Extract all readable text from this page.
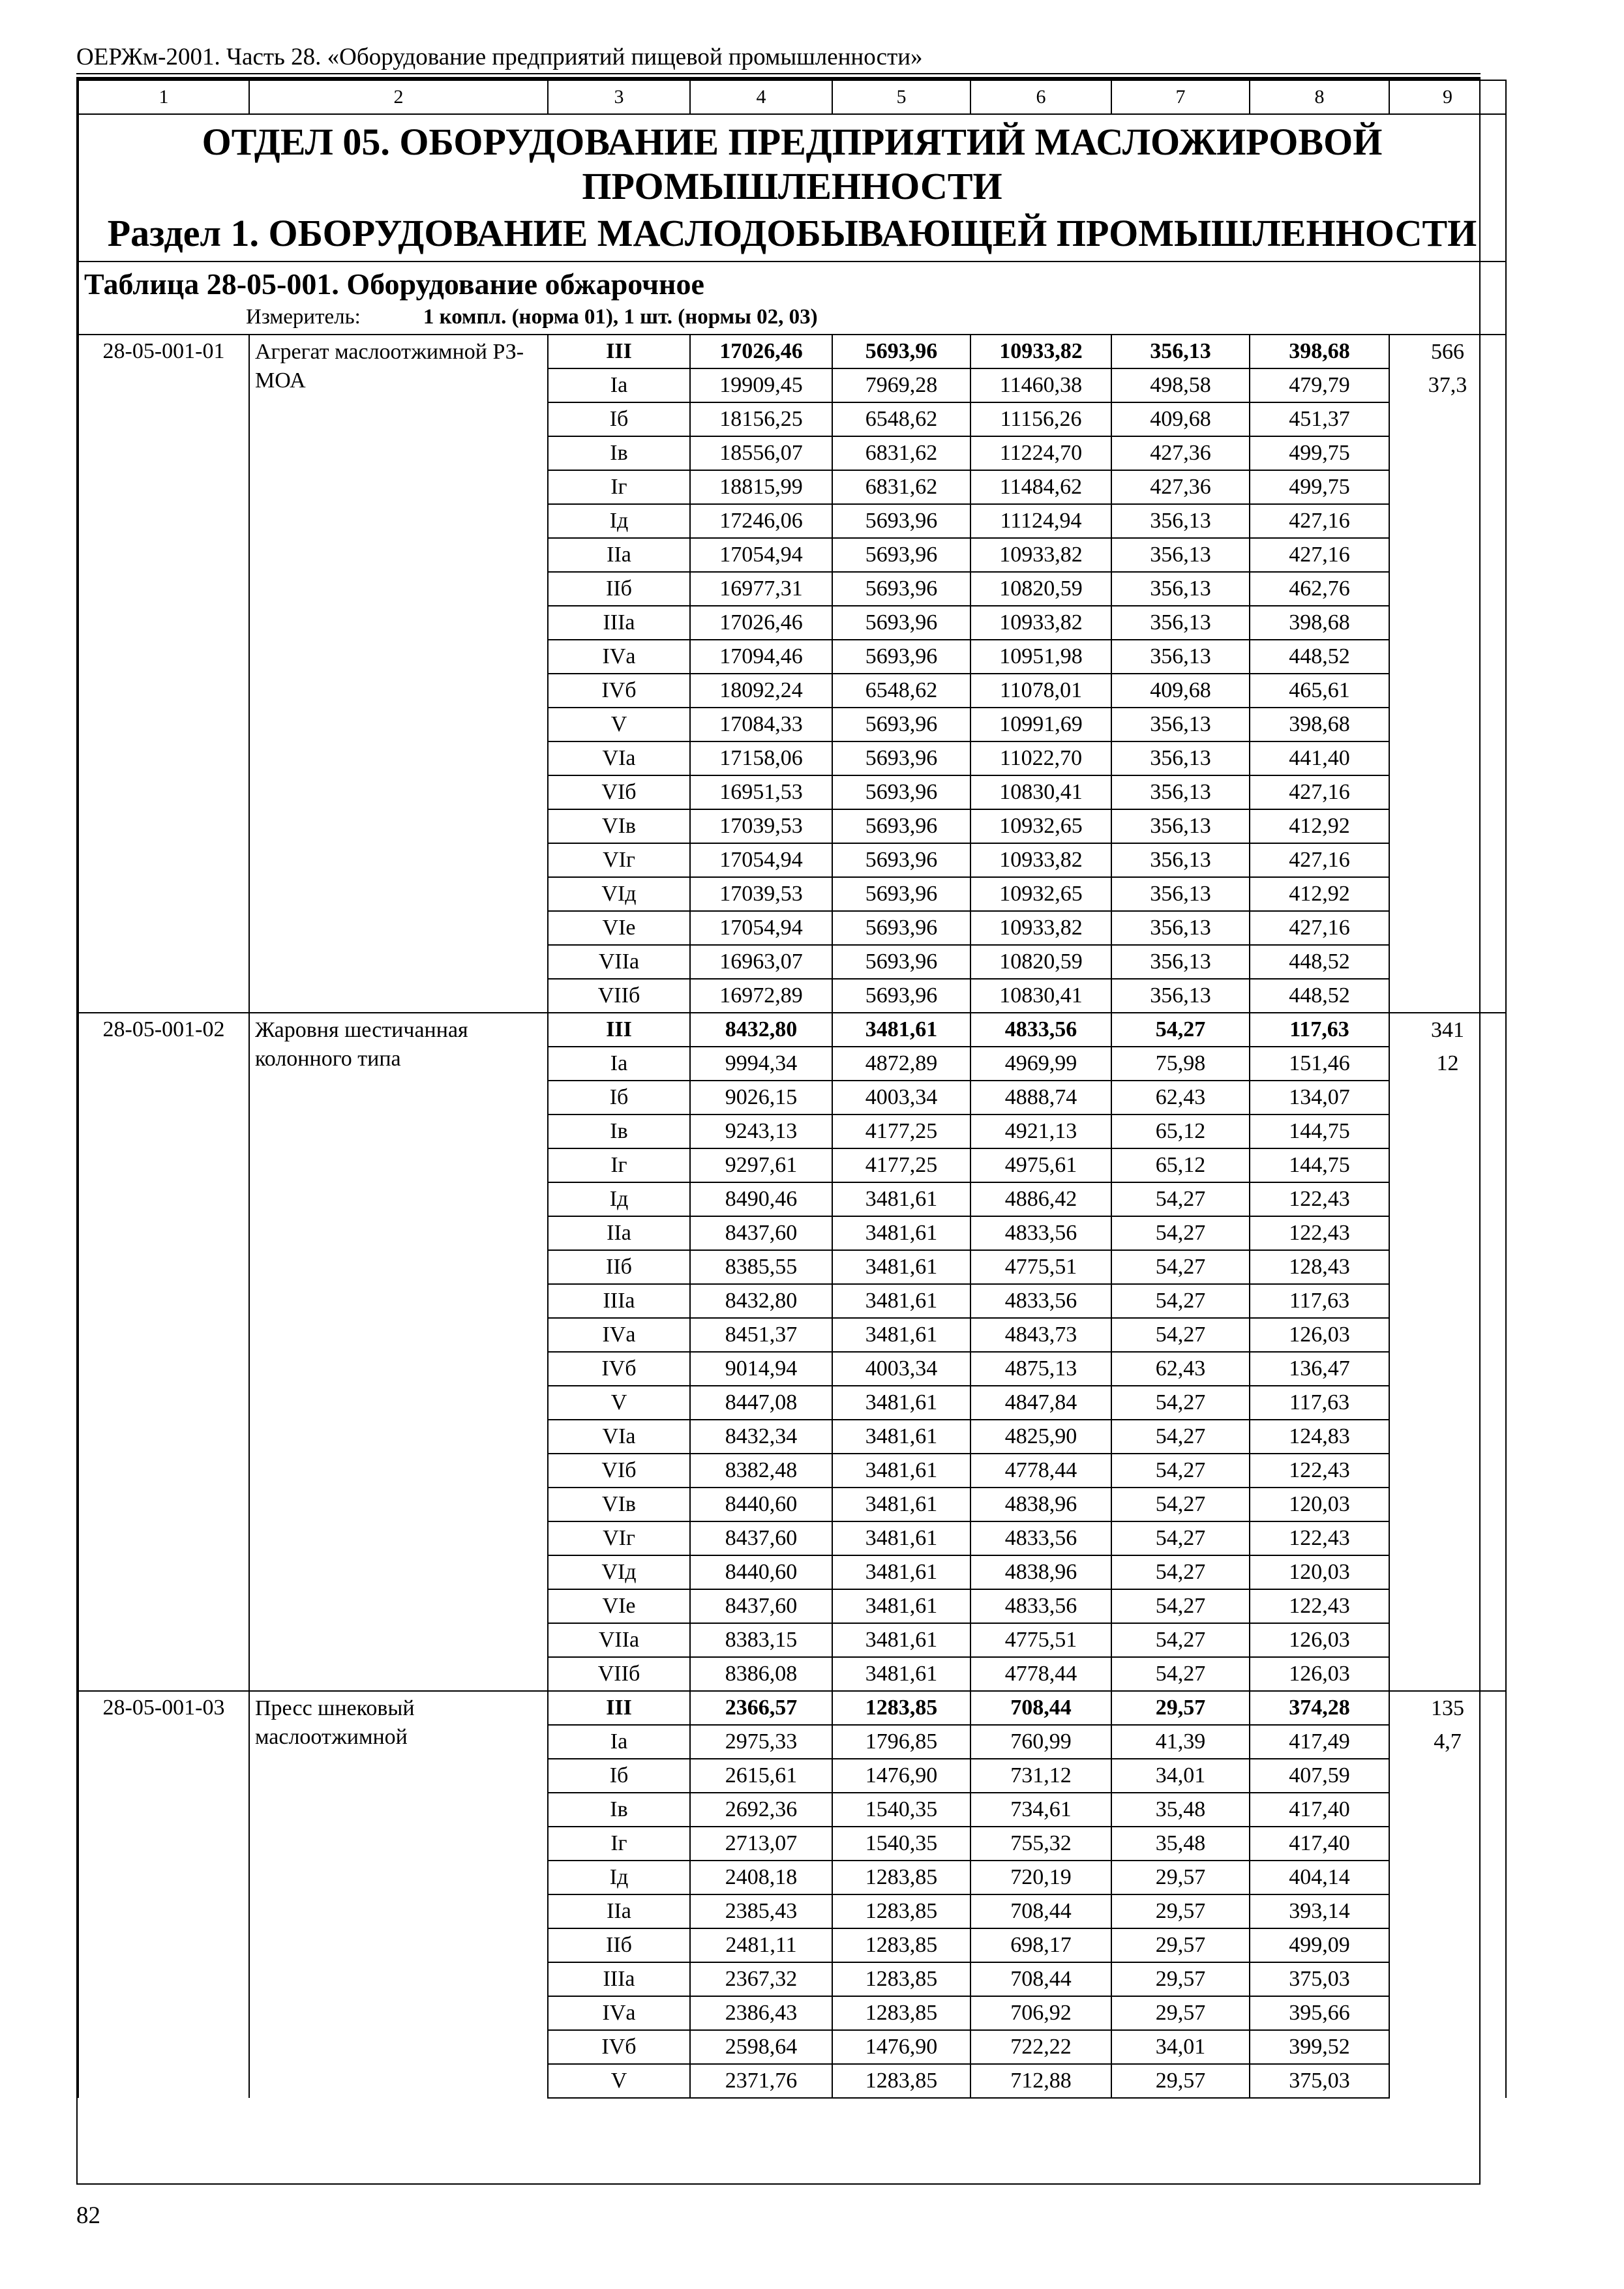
ОЕРЖм-2001. Часть 28. «Оборудование предприятий пищевой промышленности»
1	2	3	4	5	6	7	8	9

ОТДЕЛ 05. ОБОРУДОВАНИЕ ПРЕДПРИЯТИЙ МАСЛОЖИРОВОЙ ПРОМЫШЛЕННОСТИ
Раздел 1. ОБОРУДОВАНИЕ МАСЛОДОБЫВАЮЩЕЙ ПРОМЫШЛЕННОСТИ								

Таблица 28-05-001. Оборудование обжарочное								
Измеритель: 1 компл. (норма 01), 1 шт. (нормы 02, 03)								
28-05-001-01	Агрегат маслоотжимной РЗ-МОА	III	17026,46	5693,96	10933,82	356,13	398,68	566
		Iа	19909,45	7969,28	11460,38	498,58	479,79	37,3
		Iб	18156,25	6548,62	11156,26	409,68	451,37	
		Iв	18556,07	6831,62	11224,70	427,36	499,75	
		Iг	18815,99	6831,62	11484,62	427,36	499,75	
		Iд	17246,06	5693,96	11124,94	356,13	427,16	
		IIа	17054,94	5693,96	10933,82	356,13	427,16	
		IIб	16977,31	5693,96	10820,59	356,13	462,76	
		IIIа	17026,46	5693,96	10933,82	356,13	398,68	
		IVа	17094,46	5693,96	10951,98	356,13	448,52	
		IVб	18092,24	6548,62	11078,01	409,68	465,61	
		V	17084,33	5693,96	10991,69	356,13	398,68	
		VIа	17158,06	5693,96	11022,70	356,13	441,40	
		VIб	16951,53	5693,96	10830,41	356,13	427,16	
		VIв	17039,53	5693,96	10932,65	356,13	412,92	
		VIг	17054,94	5693,96	10933,82	356,13	427,16	
		VIд	17039,53	5693,96	10932,65	356,13	412,92	
		VIе	17054,94	5693,96	10933,82	356,13	427,16	
		VIIа	16963,07	5693,96	10820,59	356,13	448,52	
		VIIб	16972,89	5693,96	10830,41	356,13	448,52	
28-05-001-02	Жаровня шестичанная колонного типа	III	8432,80	3481,61	4833,56	54,27	117,63	341
		Iа	9994,34	4872,89	4969,99	75,98	151,46	12
		Iб	9026,15	4003,34	4888,74	62,43	134,07	
		Iв	9243,13	4177,25	4921,13	65,12	144,75	
		Iг	9297,61	4177,25	4975,61	65,12	144,75	
		Iд	8490,46	3481,61	4886,42	54,27	122,43	
		IIа	8437,60	3481,61	4833,56	54,27	122,43	
		IIб	8385,55	3481,61	4775,51	54,27	128,43	
		IIIа	8432,80	3481,61	4833,56	54,27	117,63	
		IVа	8451,37	3481,61	4843,73	54,27	126,03	
		IVб	9014,94	4003,34	4875,13	62,43	136,47	
		V	8447,08	3481,61	4847,84	54,27	117,63	
		VIа	8432,34	3481,61	4825,90	54,27	124,83	
		VIб	8382,48	3481,61	4778,44	54,27	122,43	
		VIв	8440,60	3481,61	4838,96	54,27	120,03	
		VIг	8437,60	3481,61	4833,56	54,27	122,43	
		VIд	8440,60	3481,61	4838,96	54,27	120,03	
		VIе	8437,60	3481,61	4833,56	54,27	122,43	
		VIIа	8383,15	3481,61	4775,51	54,27	126,03	
		VIIб	8386,08	3481,61	4778,44	54,27	126,03	
28-05-001-03	Пресс шнековый маслоотжимной	III	2366,57	1283,85	708,44	29,57	374,28	135
		Iа	2975,33	1796,85	760,99	41,39	417,49	4,7
		Iб	2615,61	1476,90	731,12	34,01	407,59	
		Iв	2692,36	1540,35	734,61	35,48	417,40	
		Iг	2713,07	1540,35	755,32	35,48	417,40	
		Iд	2408,18	1283,85	720,19	29,57	404,14	
		IIа	2385,43	1283,85	708,44	29,57	393,14	
		IIб	2481,11	1283,85	698,17	29,57	499,09	
		IIIа	2367,32	1283,85	708,44	29,57	375,03	
		IVа	2386,43	1283,85	706,92	29,57	395,66	
		IVб	2598,64	1476,90	722,22	34,01	399,52	
		V	2371,76	1283,85	712,88	29,57	375,03	
82
